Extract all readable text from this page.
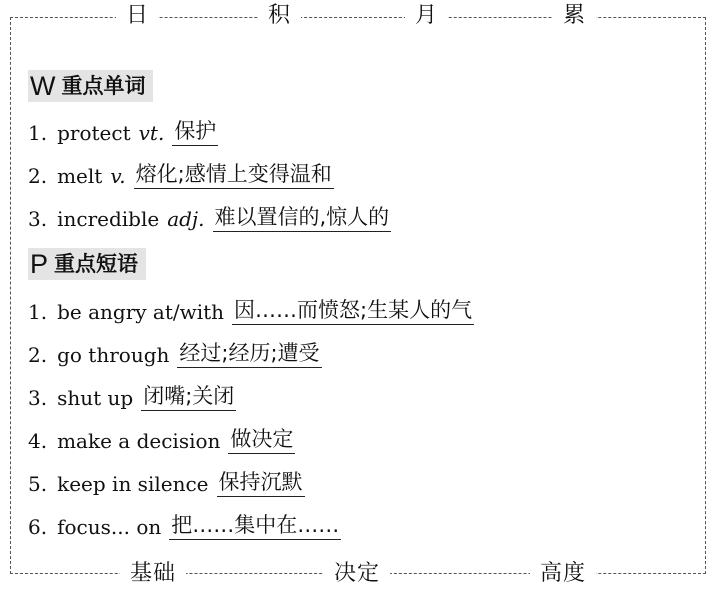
日	积	月	累
W 重点单词
1. protect vt. 保护
2. melt v. 熔化;感情上变得温和
3. incredible adj. 难以置信的,惊人的
P 重点短语
1. be angry at/with 因……而愤怒;生某人的气
2. go through 经过;经历;遭受
3. shut up 闭嘴;关闭
4. make a decision 做决定
5. keep in silence 保持沉默
6. focus... on 把……集中在……
基础	决定	高度
